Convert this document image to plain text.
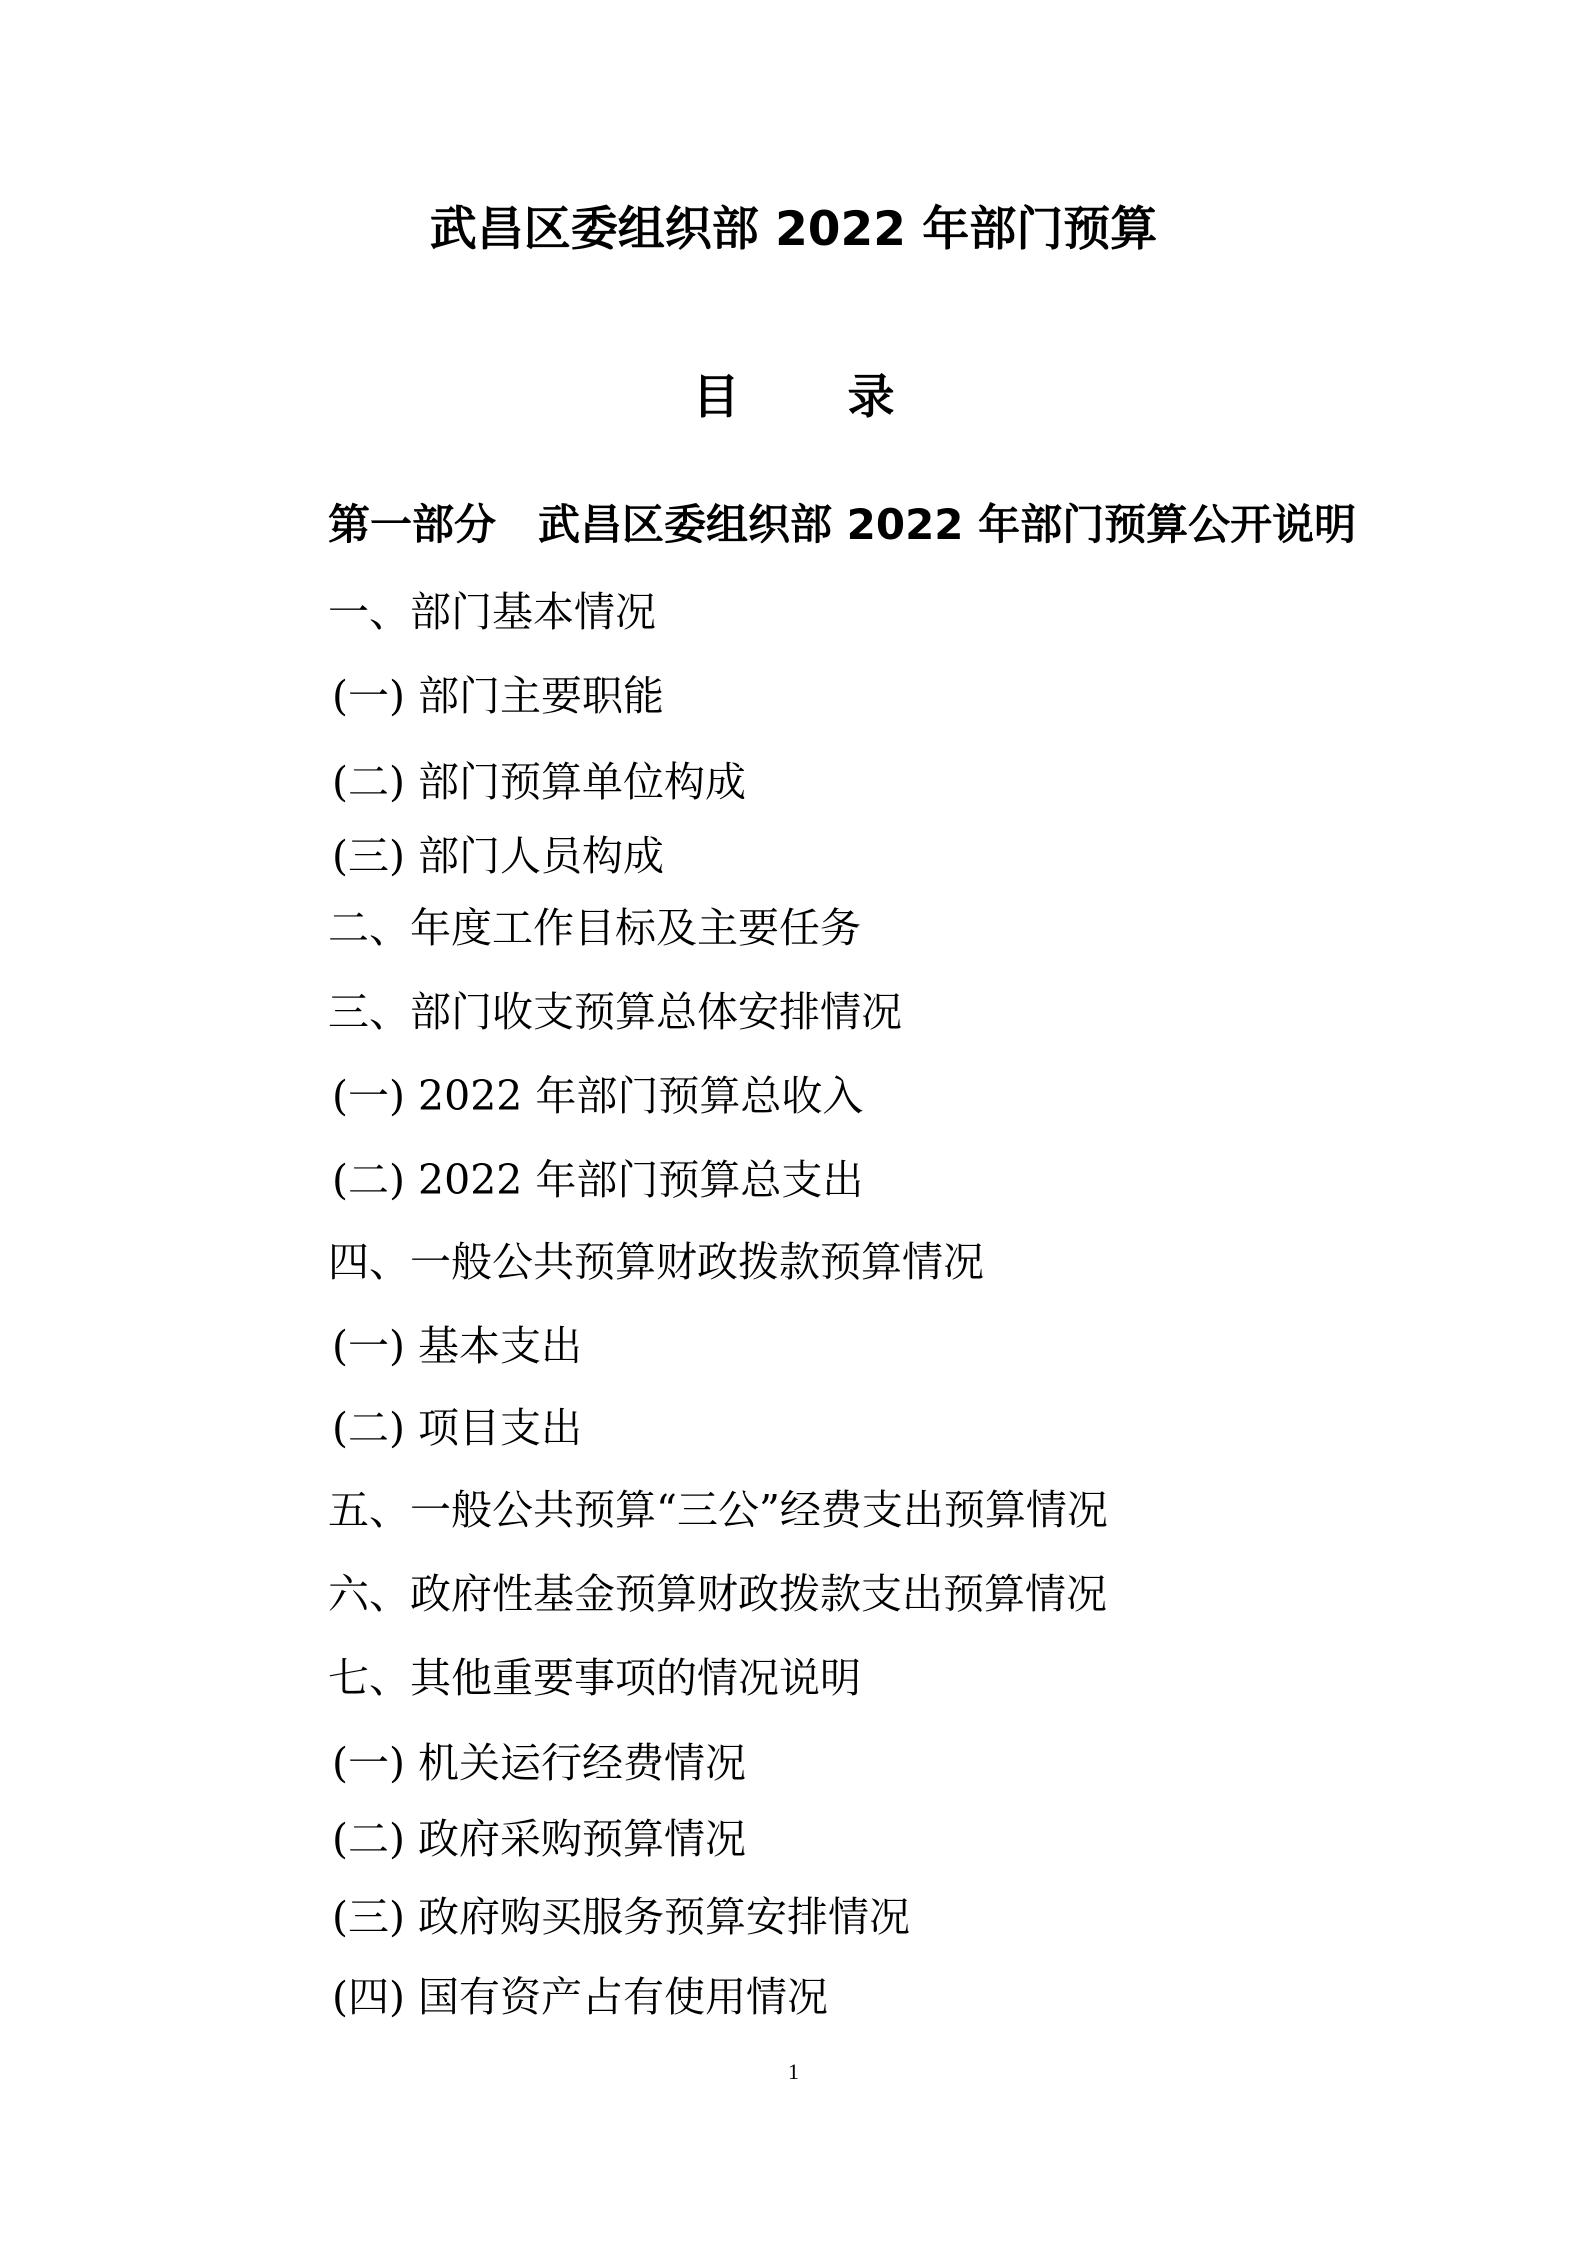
武昌区委组织部 2022 年部门预算
目录
第一部分　武昌区委组织部 2022 年部门预算公开说明
一、部门基本情况
(一) 部门主要职能
(二) 部门预算单位构成
(三) 部门人员构成
二、年度工作目标及主要任务
三、部门收支预算总体安排情况
(一) 2022 年部门预算总收入
(二) 2022 年部门预算总支出
四、一般公共预算财政拨款预算情况
(一) 基本支出
(二) 项目支出
五、一般公共预算“三公”经费支出预算情况
六、政府性基金预算财政拨款支出预算情况
七、其他重要事项的情况说明
(一) 机关运行经费情况
(二) 政府采购预算情况
(三) 政府购买服务预算安排情况
(四) 国有资产占有使用情况
1
